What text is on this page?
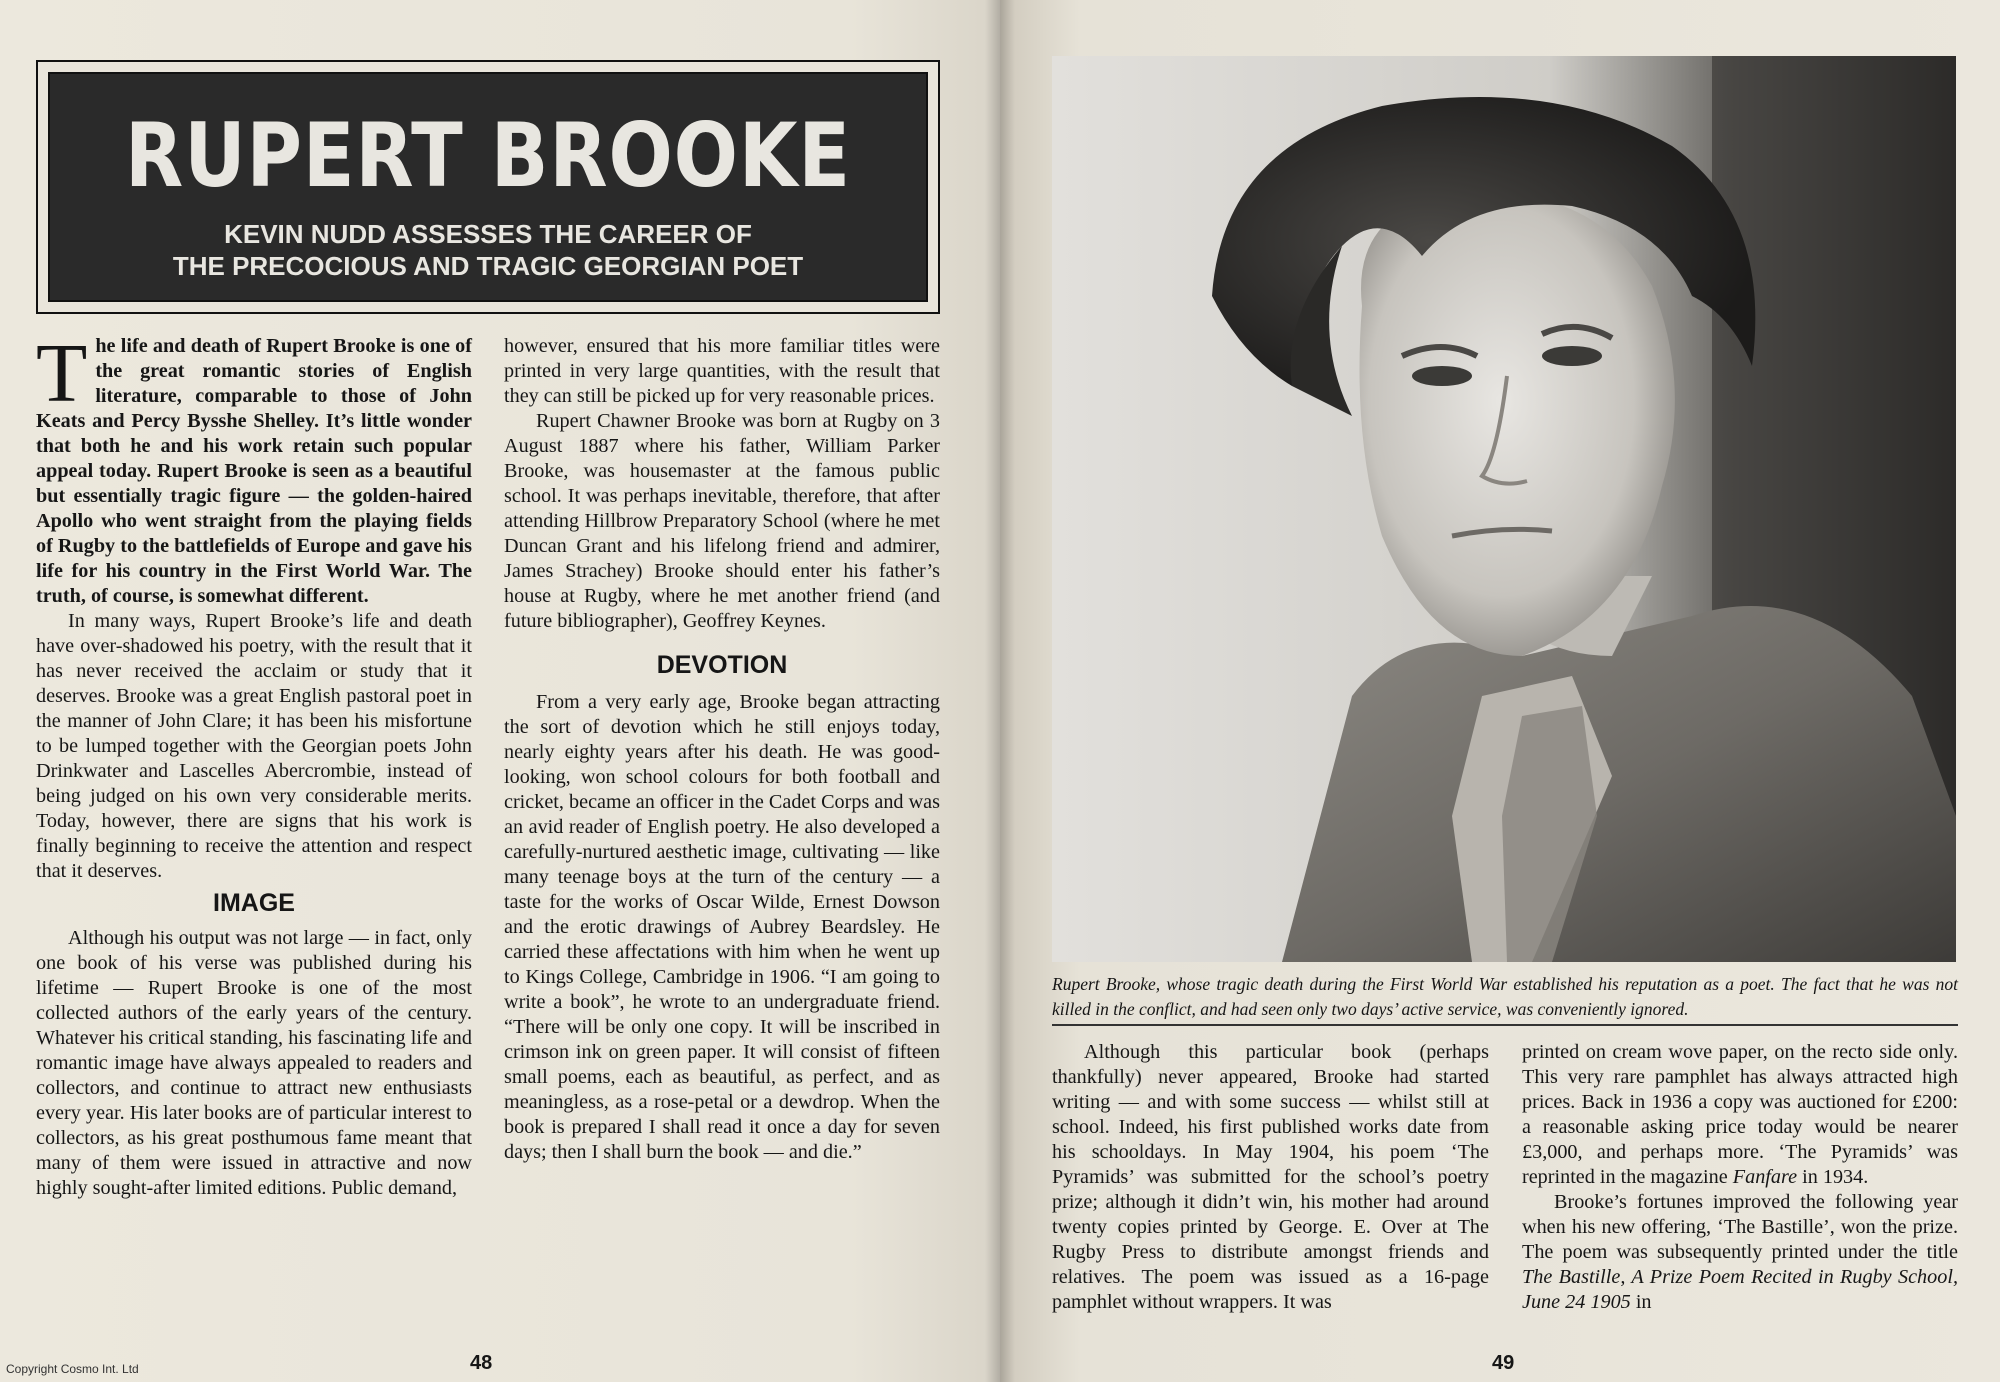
RUPERT BROOKE
KEVIN NUDD ASSESSES THE CAREER OF
THE PRECOCIOUS AND TRAGIC GEORGIAN POET

The life and death of Rupert Brooke is one of the great romantic stories of English literature, comparable to those of John Keats and Percy Bysshe Shelley. It’s little wonder that both he and his work retain such popular appeal today. Rupert Brooke is seen as a beautiful but essentially tragic figure — the golden-haired Apollo who went straight from the playing fields of Rugby to the battlefields of Europe and gave his life for his country in the First World War. The truth, of course, is somewhat different.

In many ways, Rupert Brooke’s life and death have over-shadowed his poetry, with the result that it has never received the acclaim or study that it deserves. Brooke was a great English pastoral poet in the manner of John Clare; it has been his misfortune to be lumped together with the Georgian poets John Drinkwater and Lascelles Abercrombie, instead of being judged on his own very considerable merits. Today, however, there are signs that his work is finally beginning to receive the attention and respect that it deserves.

IMAGE

Although his output was not large — in fact, only one book of his verse was published during his lifetime — Rupert Brooke is one of the most collected authors of the early years of the century. Whatever his critical standing, his fascinating life and romantic image have always appealed to readers and collectors, and continue to attract new enthusiasts every year. His later books are of particular interest to collectors, as his great posthumous fame meant that many of them were issued in attractive and now highly sought-after limited editions. Public demand,

however, ensured that his more familiar titles were printed in very large quantities, with the result that they can still be picked up for very reasonable prices.

Rupert Chawner Brooke was born at Rugby on 3 August 1887 where his father, William Parker Brooke, was housemaster at the famous public school. It was perhaps inevitable, therefore, that after attending Hillbrow Preparatory School (where he met Duncan Grant and his lifelong friend and admirer, James Strachey) Brooke should enter his father’s house at Rugby, where he met another friend (and future bibliographer), Geoffrey Keynes.

DEVOTION

From a very early age, Brooke began attracting the sort of devotion which he still enjoys today, nearly eighty years after his death. He was good-looking, won school colours for both football and cricket, became an officer in the Cadet Corps and was an avid reader of English poetry. He also developed a carefully-nurtured aesthetic image, cultivating — like many teenage boys at the turn of the century — a taste for the works of Oscar Wilde, Ernest Dowson and the erotic drawings of Aubrey Beardsley. He carried these affectations with him when he went up to Kings College, Cambridge in 1906. “I am going to write a book”, he wrote to an undergraduate friend. “There will be only one copy. It will be inscribed in crimson ink on green paper. It will consist of fifteen small poems, each as beautiful, as perfect, and as meaningless, as a rose-petal or a dewdrop. When the book is prepared I shall read it once a day for seven days; then I shall burn the book — and die.”

48
Copyright Cosmo Int. Ltd
Rupert Brooke, whose tragic death during the First World War established his reputation as a poet. The fact that he was not killed in the conflict, and had seen only two days’ active service, was conveniently ignored.

Although this particular book (perhaps thankfully) never appeared, Brooke had started writing — and with some success — whilst still at school. Indeed, his first published works date from his schooldays. In May 1904, his poem ‘The Pyramids’ was submitted for the school’s poetry prize; although it didn’t win, his mother had around twenty copies printed by George. E. Over at The Rugby Press to distribute amongst friends and relatives. The poem was issued as a 16-page pamphlet without wrappers. It was

printed on cream wove paper, on the recto side only. This very rare pamphlet has always attracted high prices. Back in 1936 a copy was auctioned for £200: a reasonable asking price today would be nearer £3,000, and perhaps more. ‘The Pyramids’ was reprinted in the magazine Fanfare in 1934.

Brooke’s fortunes improved the following year when his new offering, ‘The Bastille’, won the prize. The poem was subsequently printed under the title The Bastille, A Prize Poem Recited in Rugby School, June 24 1905 in

49
